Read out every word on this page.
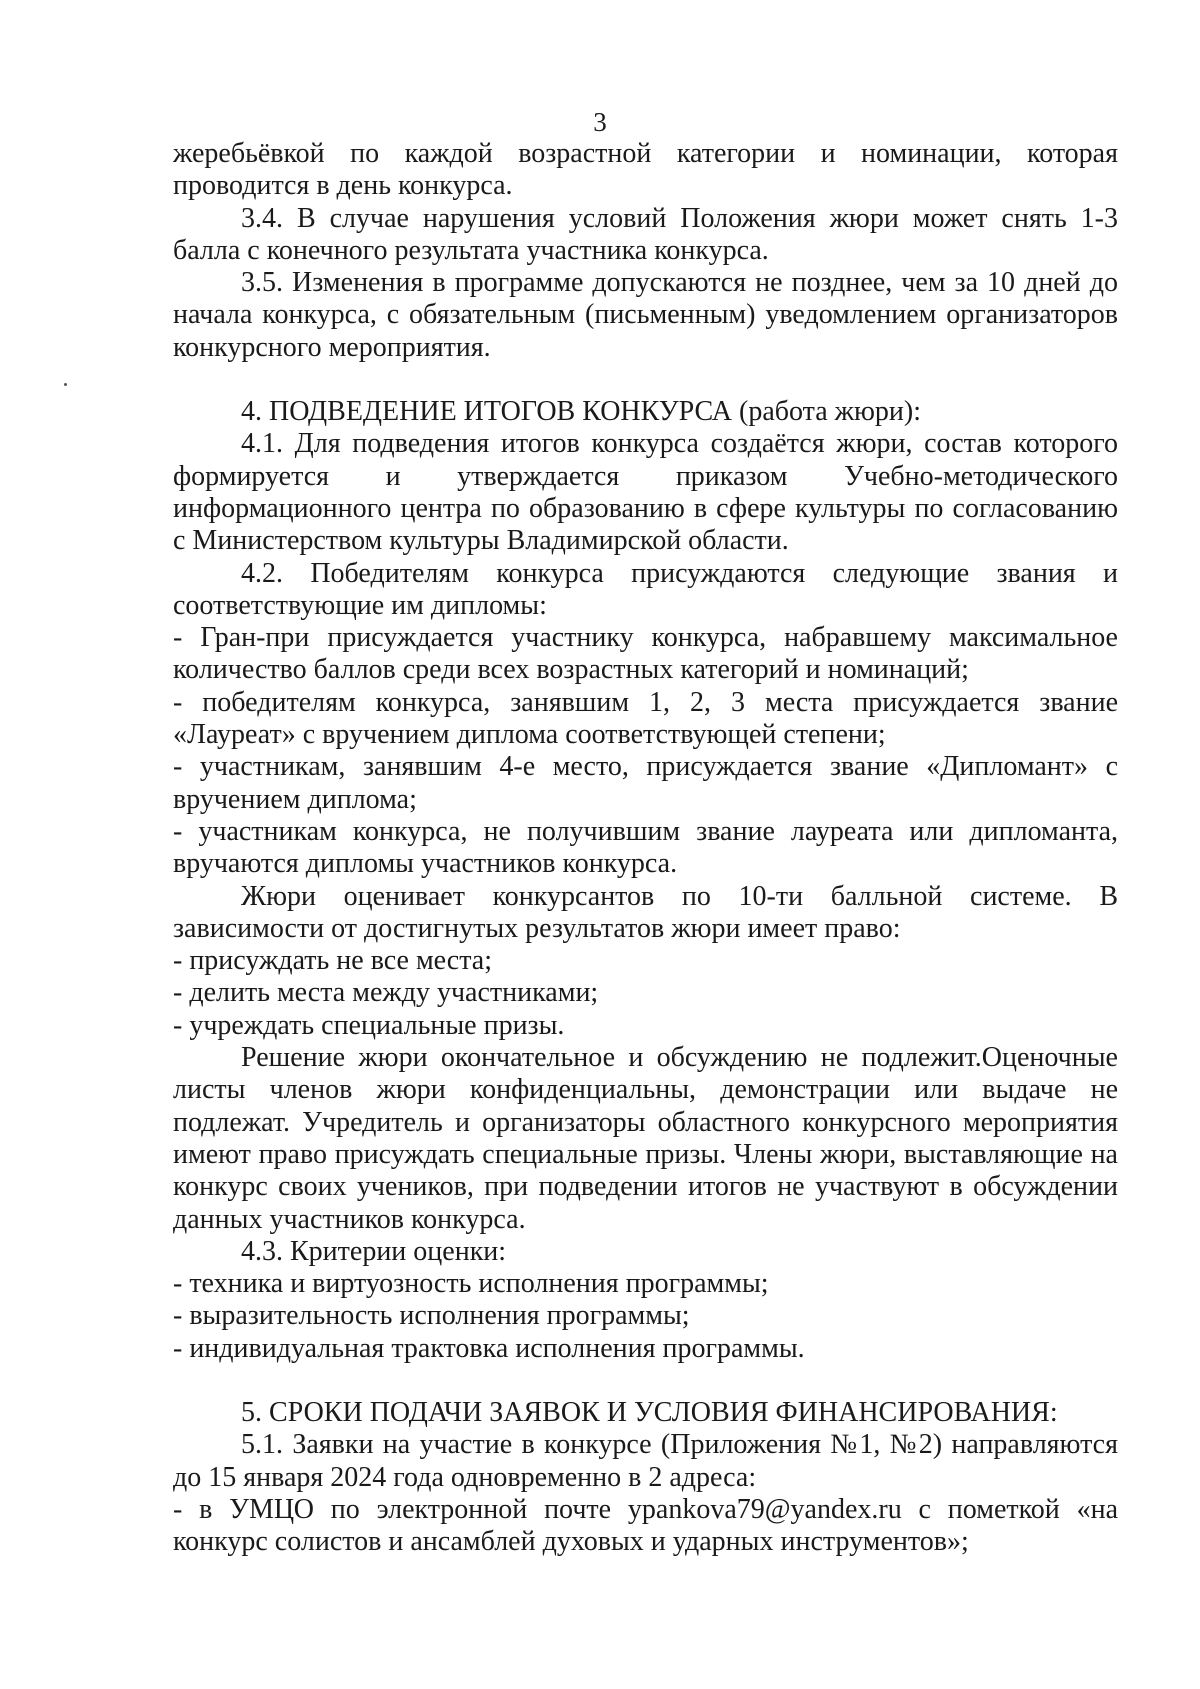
3

жеребьёвкой по каждой возрастной категории и номинации, которая проводится в день конкурса.

3.4. В случае нарушения условий Положения жюри может снять 1-3 балла с конечного результата участника конкурса.

3.5. Изменения в программе допускаются не позднее, чем за 10 дней до начала конкурса, с обязательным (письменным) уведомлением организаторов конкурсного мероприятия.

4. ПОДВЕДЕНИЕ ИТОГОВ КОНКУРСА (работа жюри):

4.1. Для подведения итогов конкурса создаётся жюри, состав которого формируется и утверждается приказом Учебно-методического информационного центра по образованию в сфере культуры по согласованию с Министерством культуры Владимирской области.

4.2. Победителям конкурса присуждаются следующие звания и соответствующие им дипломы:

- Гран-при присуждается участнику конкурса, набравшему максимальное количество баллов среди всех возрастных категорий и номинаций;

- победителям конкурса, занявшим 1, 2, 3 места присуждается звание «Лауреат» с вручением диплома соответствующей степени;

- участникам, занявшим 4-е место, присуждается звание «Дипломант» с вручением диплома;

- участникам конкурса, не получившим звание лауреата или дипломанта, вручаются дипломы участников конкурса.

Жюри оценивает конкурсантов по 10-ти балльной системе. В зависимости от достигнутых результатов жюри имеет право:

- присуждать не все места;

- делить места между участниками;

- учреждать специальные призы.

Решение жюри окончательное и обсуждению не подлежит.Оценочные листы членов жюри конфиденциальны, демонстрации или выдаче не подлежат. Учредитель и организаторы областного конкурсного мероприятия имеют право присуждать специальные призы. Члены жюри, выставляющие на конкурс своих учеников, при подведении итогов не участвуют в обсуждении данных участников конкурса.

4.3. Критерии оценки:

- техника и виртуозность исполнения программы;

- выразительность исполнения программы;

- индивидуальная трактовка исполнения программы.

5. СРОКИ ПОДАЧИ ЗАЯВОК И УСЛОВИЯ ФИНАНСИРОВАНИЯ:

5.1. Заявки на участие в конкурсе (Приложения №1, №2) направляются до 15 января 2024 года одновременно в 2 адреса:

- в УМЦО по электронной почте ypankova79@yandex.ru с пометкой «на конкурс солистов и ансамблей духовых и ударных инструментов»;
